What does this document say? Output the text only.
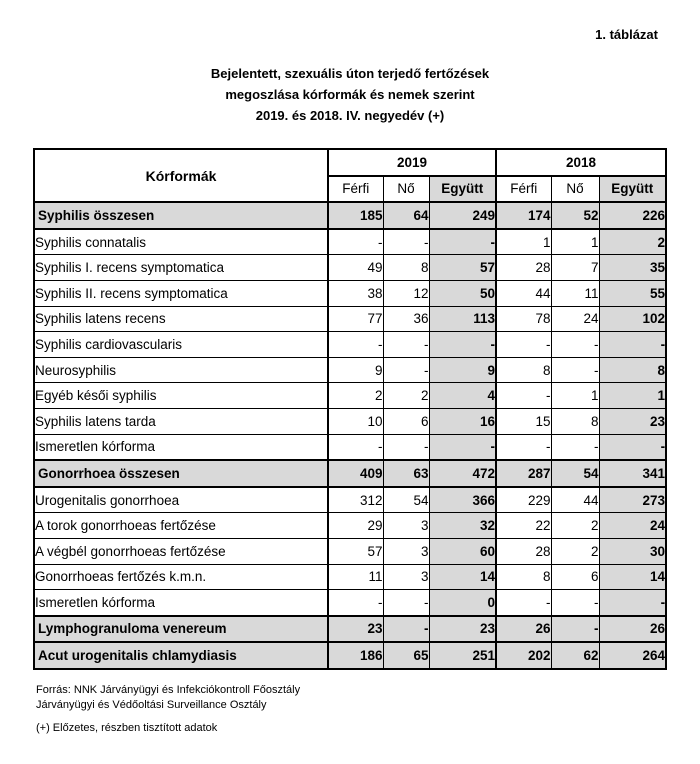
1. táblázat
Bejelentett, szexuális úton terjedő fertőzések
megoszlása kórformák és nemek szerint
2019. és 2018. IV. negyedév (+)
Kórformák	2019			2018		
	Férfi	Nő	Együtt	Férfi	Nő	Együtt
Syphilis összesen	185	64	249	174	52	226
Syphilis connatalis	-	-	-	1	1	2
Syphilis I. recens symptomatica	49	8	57	28	7	35
Syphilis II. recens symptomatica	38	12	50	44	11	55
Syphilis latens recens	77	36	113	78	24	102
Syphilis cardiovascularis	-	-	-	-	-	-
Neurosyphilis	9	-	9	8	-	8
Egyéb késői syphilis	2	2	4	-	1	1
Syphilis latens tarda	10	6	16	15	8	23
Ismeretlen kórforma	-	-	-	-	-	-
Gonorrhoea összesen	409	63	472	287	54	341
Urogenitalis gonorrhoea	312	54	366	229	44	273
A torok gonorrhoeas fertőzése	29	3	32	22	2	24
A végbél gonorrhoeas fertőzése	57	3	60	28	2	30
Gonorrhoeas fertőzés k.m.n.	11	3	14	8	6	14
Ismeretlen kórforma	-	-	0	-	-	-
Lymphogranuloma venereum	23	-	23	26	-	26
Acut urogenitalis chlamydiasis	186	65	251	202	62	264
Forrás: NNK Járványügyi és Infekciókontroll Főosztály
Járványügyi és Védőoltási Surveillance Osztály
(+) Előzetes, részben tisztított adatok
